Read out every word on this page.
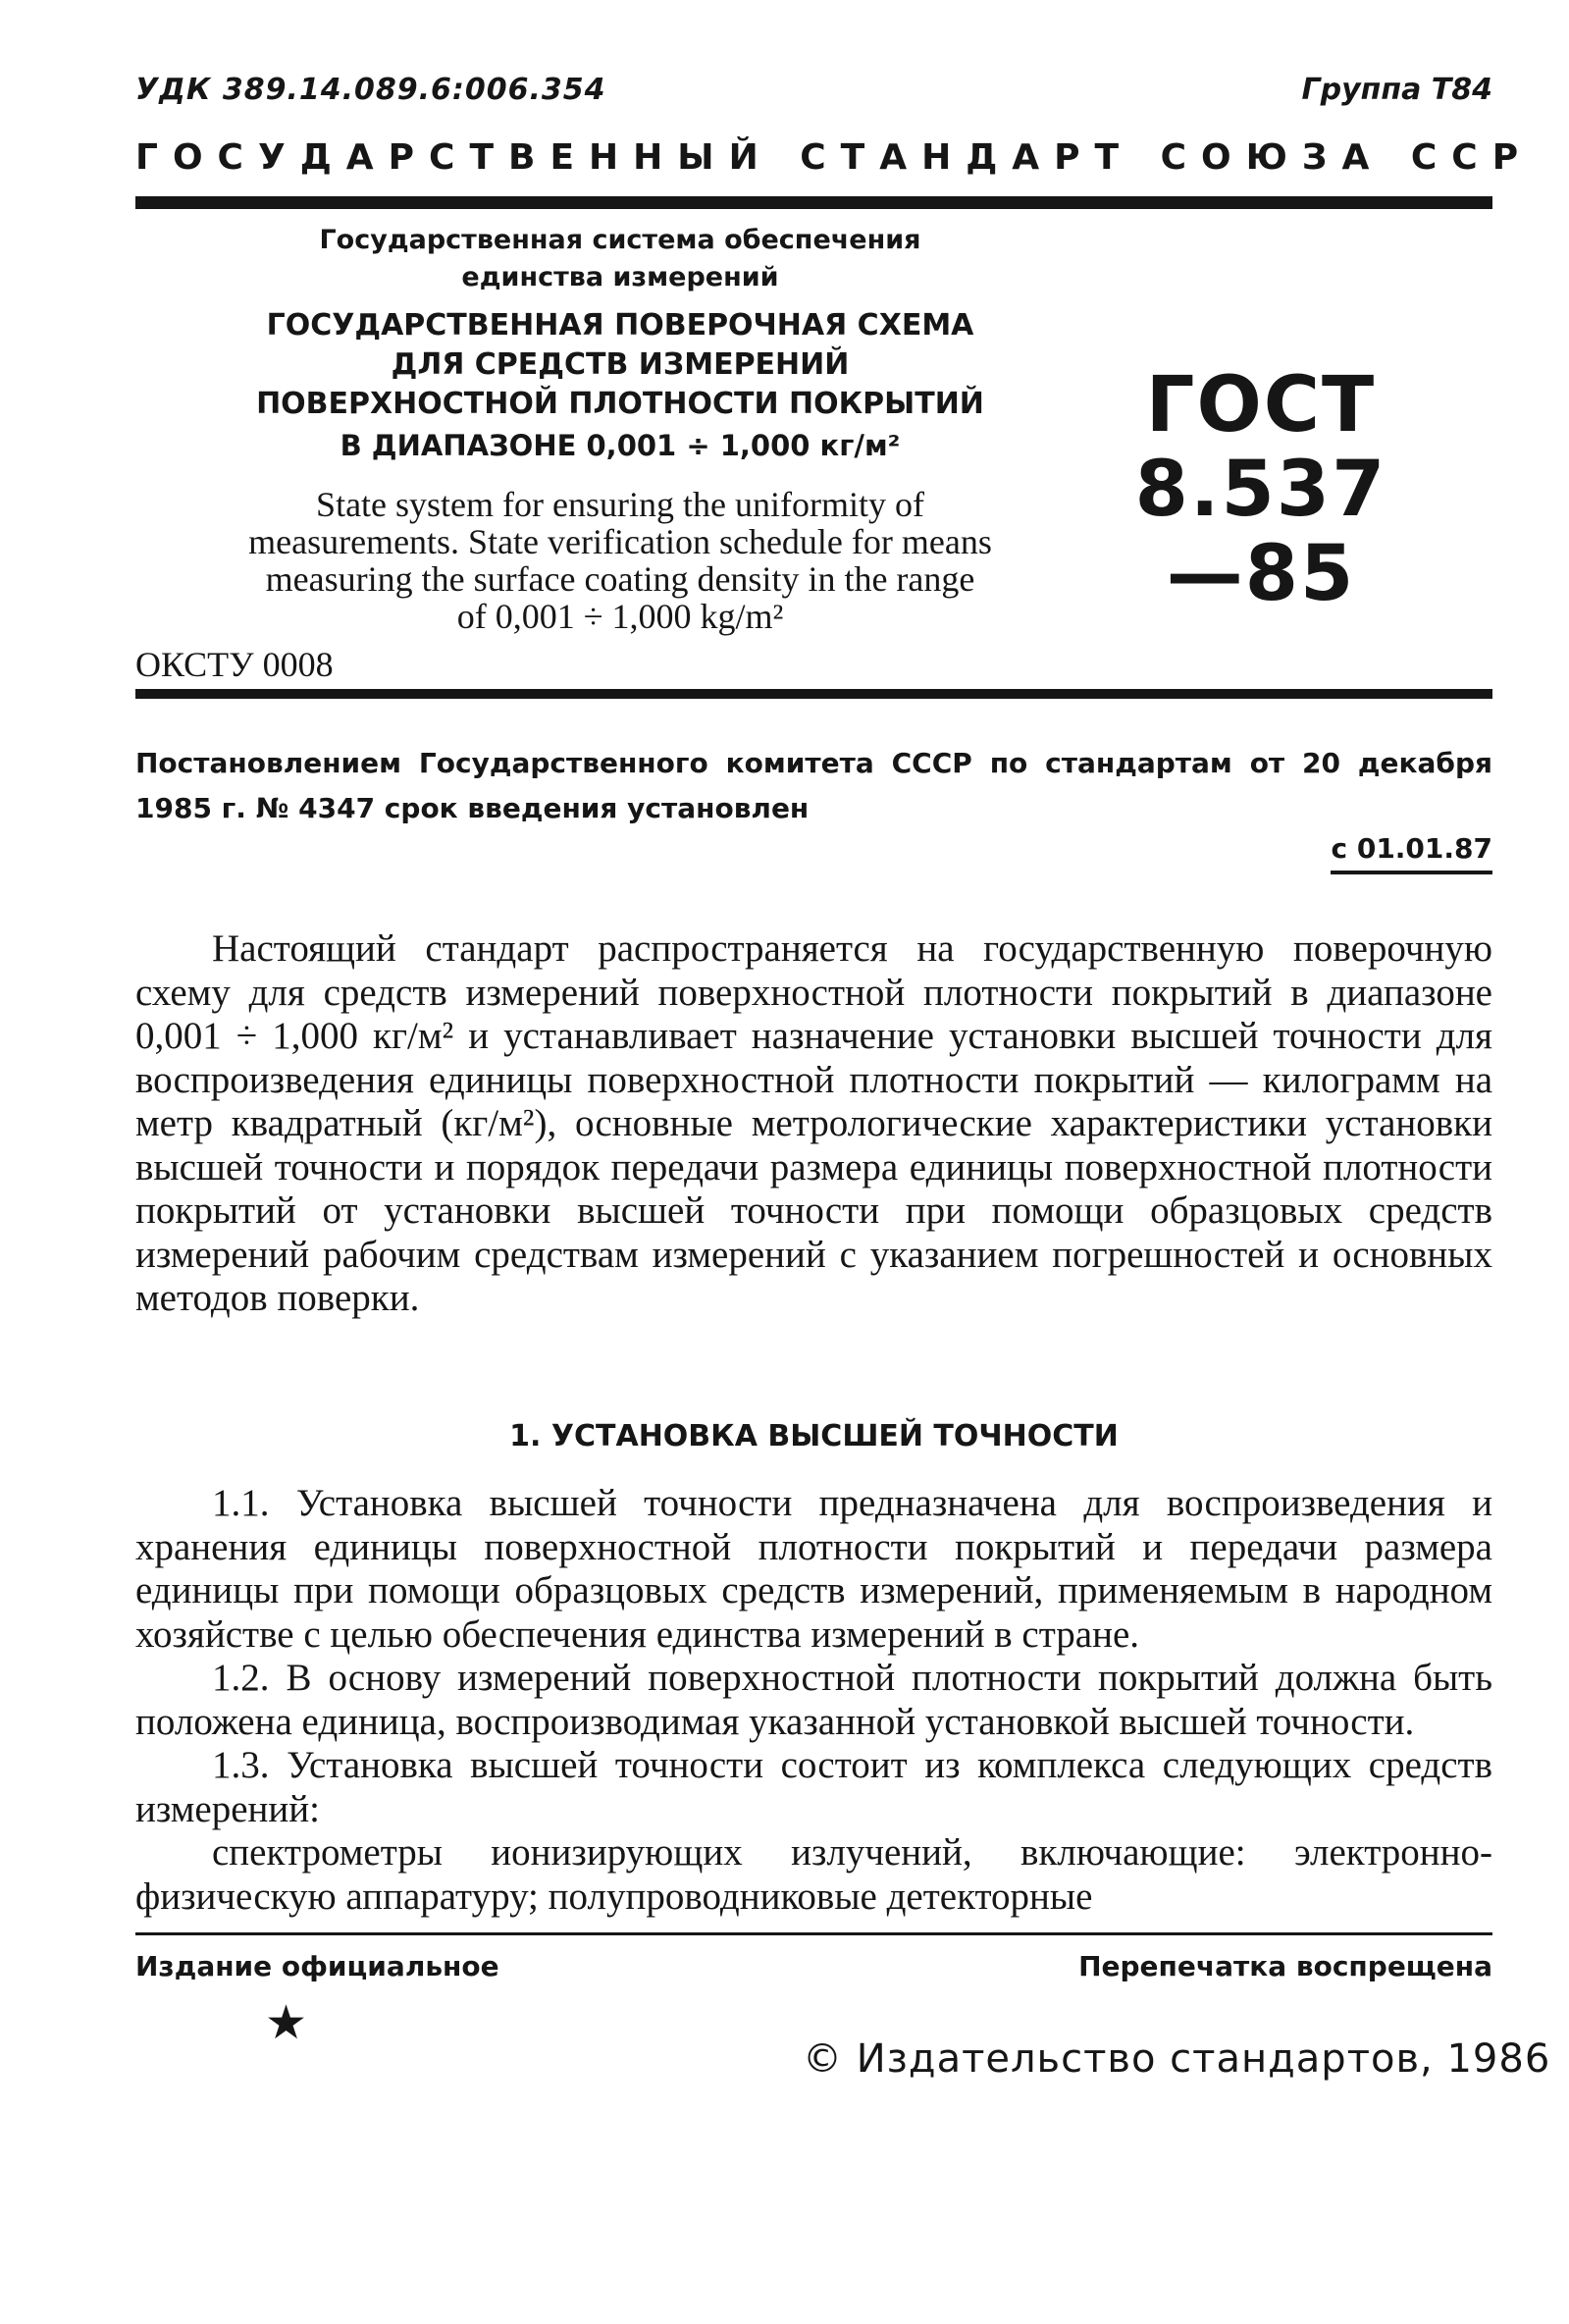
УДК 389.14.089.6:006.354	Группа Т84
ГОСУДАРСТВЕННЫЙ СТАНДАРТ СОЮЗА ССР
Государственная система обеспечения
единства измерений
ГОСУДАРСТВЕННАЯ ПОВЕРОЧНАЯ СХЕМА
ДЛЯ СРЕДСТВ ИЗМЕРЕНИЙ
ПОВЕРХНОСТНОЙ ПЛОТНОСТИ ПОКРЫТИЙ
В ДИАПАЗОНЕ 0,001 ÷ 1,000 кг/м²
State system for ensuring the uniformity of
measurements. State verification schedule for means
measuring the surface coating density in the range
of 0,001 ÷ 1,000 kg/m²
ГОСТ
8.537—85
ОКСТУ 0008
Постановлением Государственного комитета СССР по стандартам от 20 декабря 1985 г. № 4347 срок введения установлен
с 01.01.87

Настоящий стандарт распространяется на государственную поверочную схему для средств измерений поверхностной плотности покрытий в диапазоне 0,001 ÷ 1,000 кг/м² и устанавливает назначение установки высшей точности для воспроизведения единицы поверхностной плотности покрытий — килограмм на метр квадратный (кг/м²), основные метрологические характеристики установки высшей точности и порядок передачи размера единицы поверхностной плотности покрытий от установки высшей точности при помощи образцовых средств измерений рабочим средствам измерений с указанием погрешностей и основных методов поверки.

1. УСТАНОВКА ВЫСШЕЙ ТОЧНОСТИ

1.1. Установка высшей точности предназначена для воспроизведения и хранения единицы поверхностной плотности покрытий и передачи размера единицы при помощи образцовых средств измерений, применяемым в народном хозяйстве с целью обеспечения единства измерений в стране.

1.2. В основу измерений поверхностной плотности покрытий должна быть положена единица, воспроизводимая указанной установкой высшей точности.

1.3. Установка высшей точности состоит из комплекса следующих средств измерений:

спектрометры ионизирующих излучений, включающие: электронно-физическую аппаратуру; полупроводниковые детекторные

Издание официальное	Перепечатка воспрещена
★
© Издательство стандартов, 1986
